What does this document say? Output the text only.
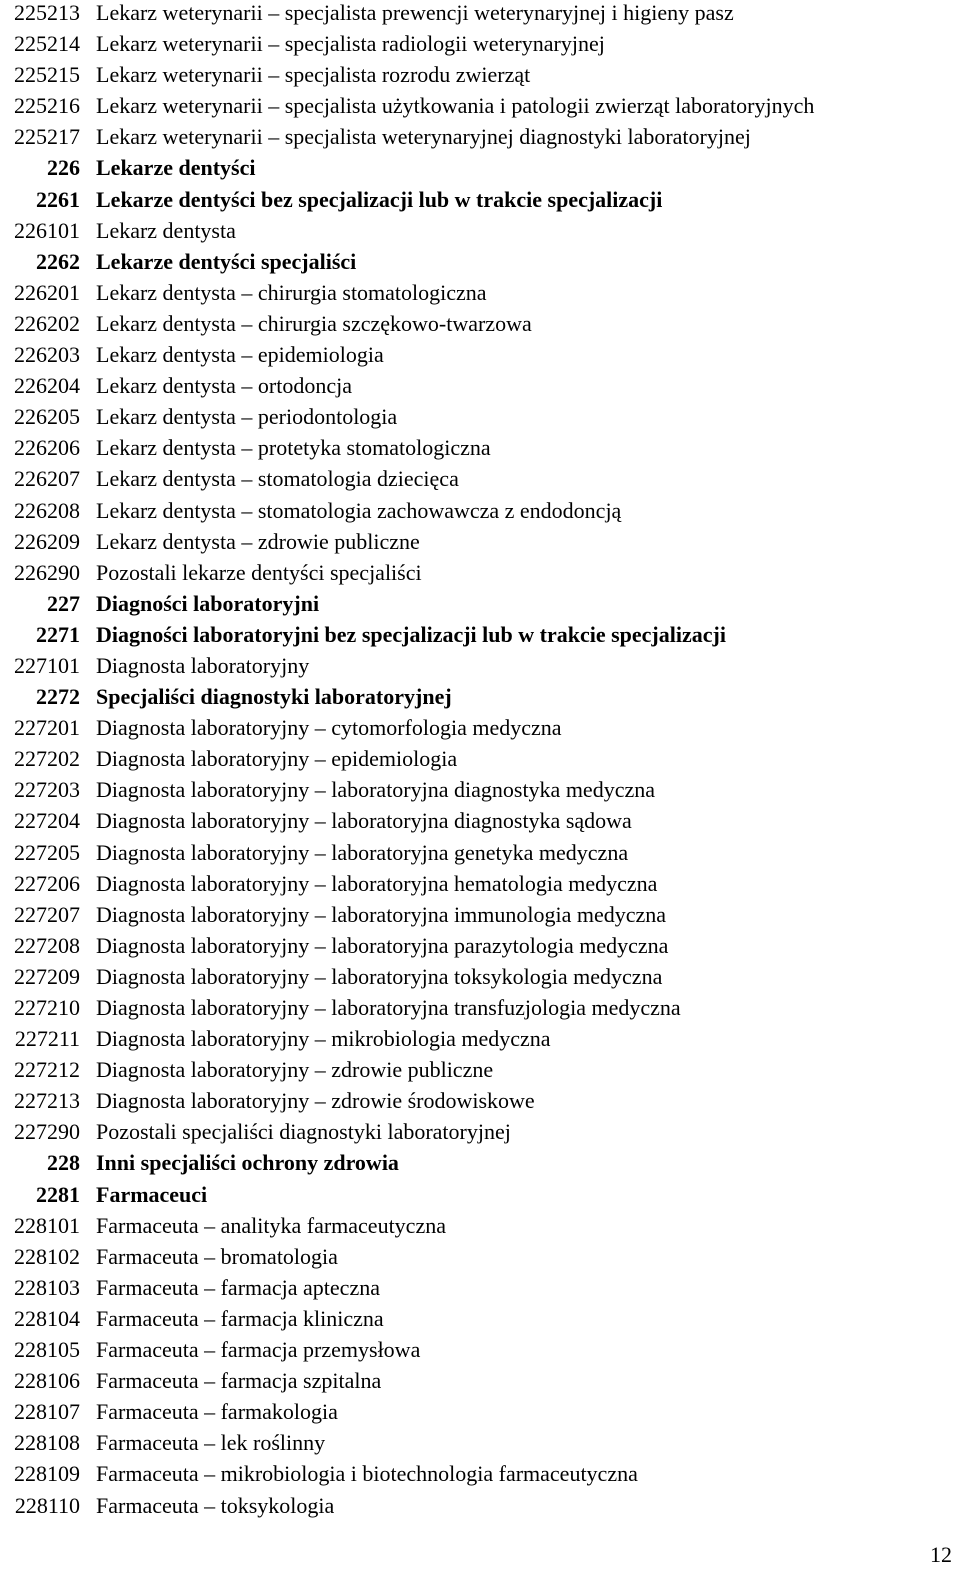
225213 Lekarz weterynarii – specjalista prewencji weterynaryjnej i higieny pasz
225214 Lekarz weterynarii – specjalista radiologii weterynaryjnej
225215 Lekarz weterynarii – specjalista rozrodu zwierząt
225216 Lekarz weterynarii – specjalista użytkowania i patologii zwierząt laboratoryjnych
225217 Lekarz weterynarii – specjalista weterynaryjnej diagnostyki laboratoryjnej
226 Lekarze dentyści
2261 Lekarze dentyści bez specjalizacji lub w trakcie specjalizacji
226101 Lekarz dentysta
2262 Lekarze dentyści specjaliści
226201 Lekarz dentysta – chirurgia stomatologiczna
226202 Lekarz dentysta – chirurgia szczękowo-twarzowa
226203 Lekarz dentysta – epidemiologia
226204 Lekarz dentysta – ortodoncja
226205 Lekarz dentysta – periodontologia
226206 Lekarz dentysta – protetyka stomatologiczna
226207 Lekarz dentysta – stomatologia dziecięca
226208 Lekarz dentysta – stomatologia zachowawcza z endodoncją
226209 Lekarz dentysta – zdrowie publiczne
226290 Pozostali lekarze dentyści specjaliści
227 Diagności laboratoryjni
2271 Diagności laboratoryjni bez specjalizacji lub w trakcie specjalizacji
227101 Diagnosta laboratoryjny
2272 Specjaliści diagnostyki laboratoryjnej
227201 Diagnosta laboratoryjny – cytomorfologia medyczna
227202 Diagnosta laboratoryjny – epidemiologia
227203 Diagnosta laboratoryjny – laboratoryjna diagnostyka medyczna
227204 Diagnosta laboratoryjny – laboratoryjna diagnostyka sądowa
227205 Diagnosta laboratoryjny – laboratoryjna genetyka medyczna
227206 Diagnosta laboratoryjny – laboratoryjna hematologia medyczna
227207 Diagnosta laboratoryjny – laboratoryjna immunologia medyczna
227208 Diagnosta laboratoryjny – laboratoryjna parazytologia medyczna
227209 Diagnosta laboratoryjny – laboratoryjna toksykologia medyczna
227210 Diagnosta laboratoryjny – laboratoryjna transfuzjologia medyczna
227211 Diagnosta laboratoryjny – mikrobiologia medyczna
227212 Diagnosta laboratoryjny – zdrowie publiczne
227213 Diagnosta laboratoryjny – zdrowie środowiskowe
227290 Pozostali specjaliści diagnostyki laboratoryjnej
228 Inni specjaliści ochrony zdrowia
2281 Farmaceuci
228101 Farmaceuta – analityka farmaceutyczna
228102 Farmaceuta – bromatologia
228103 Farmaceuta – farmacja apteczna
228104 Farmaceuta – farmacja kliniczna
228105 Farmaceuta – farmacja przemysłowa
228106 Farmaceuta – farmacja szpitalna
228107 Farmaceuta – farmakologia
228108 Farmaceuta – lek roślinny
228109 Farmaceuta – mikrobiologia i biotechnologia farmaceutyczna
228110 Farmaceuta – toksykologia
12
